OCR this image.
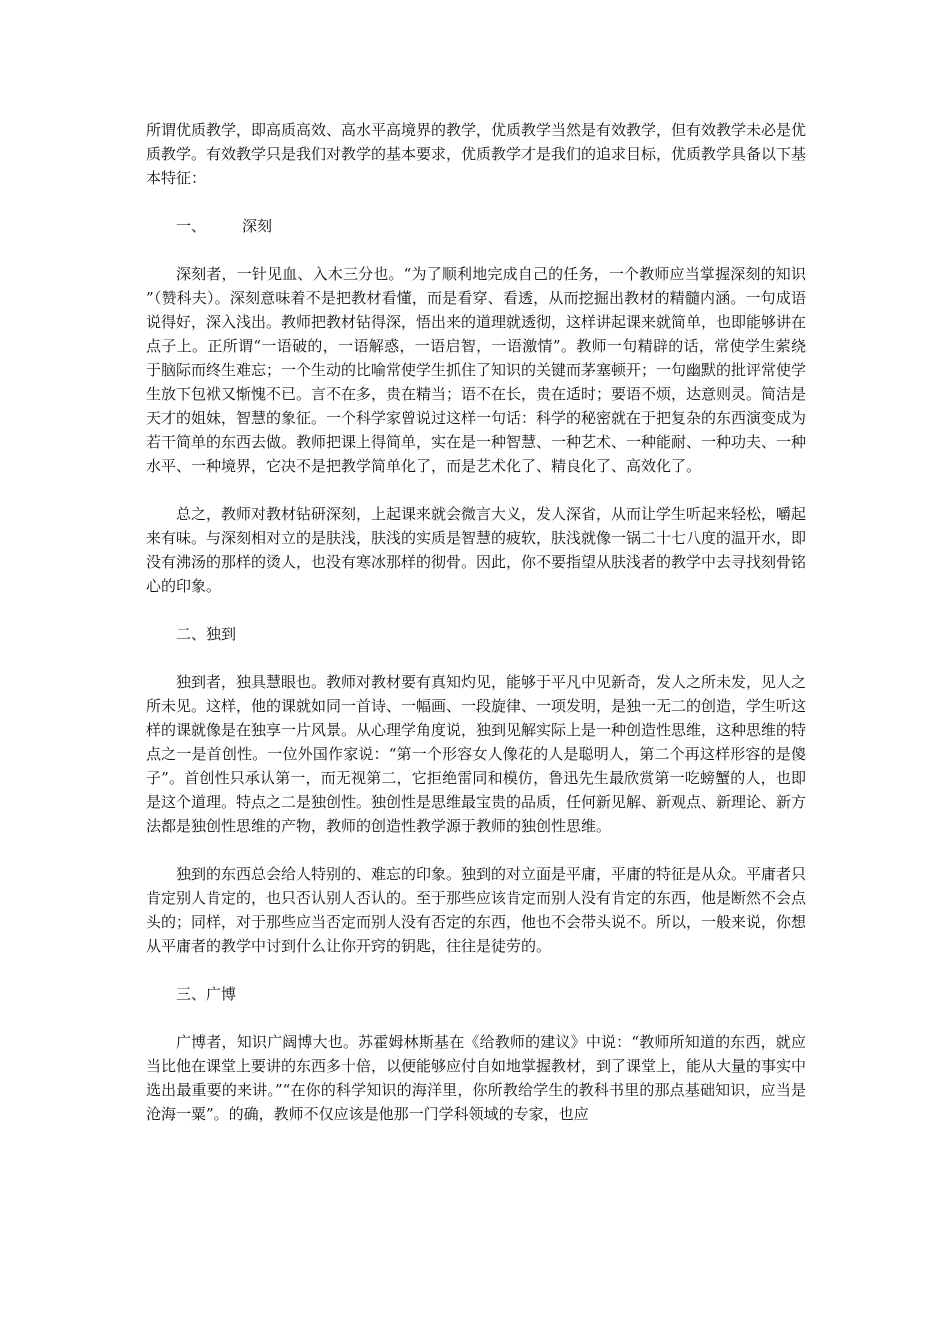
所谓优质教学，即高质高效、高水平高境界的教学，优质教学当然是有效教学，但有效教学未必是优质教学。有效教学只是我们对教学的基本要求，优质教学才是我们的追求目标，优质教学具备以下基本特征：

一、 深刻

深刻者，一针见血、入木三分也。“为了顺利地完成自己的任务，一个教师应当掌握深刻的知识”（赞科夫）。深刻意味着不是把教材看懂，而是看穿、看透，从而挖掘出教材的精髓内涵。一句成语说得好，深入浅出。教师把教材钻得深，悟出来的道理就透彻，这样讲起课来就简单，也即能够讲在点子上。正所谓“一语破的，一语解惑，一语启智，一语激情”。教师一句精辟的话，常使学生萦绕于脑际而终生难忘；一个生动的比喻常使学生抓住了知识的关键而茅塞顿开；一句幽默的批评常使学生放下包袱又惭愧不已。言不在多，贵在精当；语不在长，贵在适时；要语不烦，达意则灵。简洁是天才的姐妹，智慧的象征。一个科学家曾说过这样一句话：科学的秘密就在于把复杂的东西演变成为若干简单的东西去做。教师把课上得简单，实在是一种智慧、一种艺术、一种能耐、一种功夫、一种水平、一种境界，它决不是把教学简单化了，而是艺术化了、精良化了、高效化了。

总之，教师对教材钻研深刻，上起课来就会微言大义，发人深省，从而让学生听起来轻松，嚼起来有味。与深刻相对立的是肤浅，肤浅的实质是智慧的疲软，肤浅就像一锅二十七八度的温开水，即没有沸汤的那样的烫人，也没有寒冰那样的彻骨。因此，你不要指望从肤浅者的教学中去寻找刻骨铭心的印象。

二、独到

独到者，独具慧眼也。教师对教材要有真知灼见，能够于平凡中见新奇，发人之所未发，见人之所未见。这样，他的课就如同一首诗、一幅画、一段旋律、一项发明，是独一无二的创造，学生听这样的课就像是在独享一片风景。从心理学角度说，独到见解实际上是一种创造性思维，这种思维的特点之一是首创性。一位外国作家说：“第一个形容女人像花的人是聪明人，第二个再这样形容的是傻子”。首创性只承认第一，而无视第二，它拒绝雷同和模仿，鲁迅先生最欣赏第一吃螃蟹的人，也即是这个道理。特点之二是独创性。独创性是思维最宝贵的品质，任何新见解、新观点、新理论、新方法都是独创性思维的产物，教师的创造性教学源于教师的独创性思维。

独到的东西总会给人特别的、难忘的印象。独到的对立面是平庸，平庸的特征是从众。平庸者只肯定别人肯定的，也只否认别人否认的。至于那些应该肯定而别人没有肯定的东西，他是断然不会点头的；同样，对于那些应当否定而别人没有否定的东西，他也不会带头说不。所以，一般来说，你想从平庸者的教学中讨到什么让你开窍的钥匙，往往是徒劳的。

三、广博

广博者，知识广阔博大也。苏霍姆林斯基在《给教师的建议》中说：“教师所知道的东西，就应当比他在课堂上要讲的东西多十倍，以便能够应付自如地掌握教材，到了课堂上，能从大量的事实中选出最重要的来讲。”“在你的科学知识的海洋里，你所教给学生的教科书里的那点基础知识，应当是沧海一粟”。的确，教师不仅应该是他那一门学科领域的专家，也应
